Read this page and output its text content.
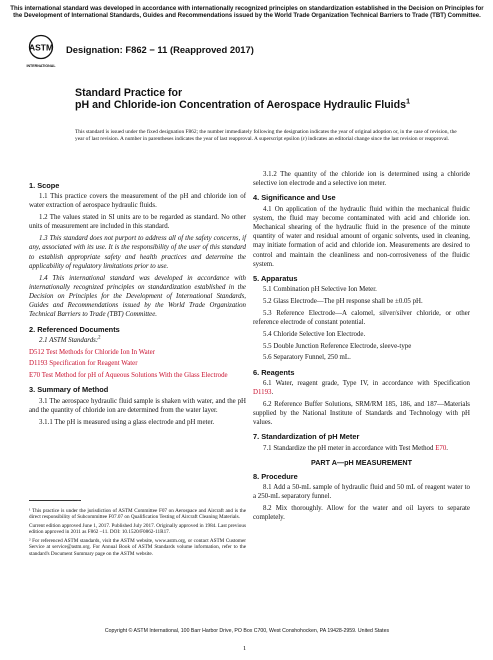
This international standard was developed in accordance with internationally recognized principles on standardization established in the Decision on Principles for the Development of International Standards, Guides and Recommendations issued by the World Trade Organization Technical Barriers to Trade (TBT) Committee.
ASTM
INTERNATIONAL
Designation: F862 − 11 (Reapproved 2017)
Standard Practice for
pH and Chloride-ion Concentration of Aerospace Hydraulic Fluids$^1$
This standard is issued under the fixed designation F862; the number immediately following the designation indicates the year of original adoption or, in the case of revision, the year of last revision. A number in parentheses indicates the year of last reapproval. A superscript epsilon (ε) indicates an editorial change since the last revision or reapproval.

1. Scope

1.1 This practice covers the measurement of the pH and chloride ion of water extraction of aerospace hydraulic fluids.

1.2 The values stated in SI units are to be regarded as standard. No other units of measurement are included in this standard.

1.3 This standard does not purport to address all of the safety concerns, if any, associated with its use. It is the responsibility of the user of this standard to establish appropriate safety and health practices and determine the applicability of regulatory limitations prior to use.

1.4 This international standard was developed in accordance with internationally recognized principles on standardization established in the Decision on Principles for the Development of International Standards, Guides and Recommendations issued by the World Trade Organization Technical Barriers to Trade (TBT) Committee.

2. Referenced Documents

2.1 ASTM Standards:$^2$

D512 Test Methods for Chloride Ion In Water

D1193 Specification for Reagent Water

E70 Test Method for pH of Aqueous Solutions With the Glass Electrode

3. Summary of Method

3.1 The aerospace hydraulic fluid sample is shaken with water, and the pH and the quantity of chloride ion are determined from the water layer.

3.1.1 The pH is measured using a glass electrode and pH meter.

3.1.2 The quantity of the chloride ion is determined using a chloride selective ion electrode and a selective ion meter.

4. Significance and Use

4.1 On application of the hydraulic fluid within the mechanical fluidic system, the fluid may become contaminated with acid and chloride ion. Mechanical shearing of the hydraulic fluid in the presence of the minute quantity of water and residual amount of organic solvents, used in cleaning, may initiate formation of acid and chloride ion. Measurements are desired to control and maintain the cleanliness and non-corrosiveness of the fluidic system.

5. Apparatus

5.1 Combination pH Selective Ion Meter.

5.2 Glass Electrode—The pH response shall be ±0.05 pH.

5.3 Reference Electrode—A calomel, silver/silver chloride, or other reference electrode of constant potential.

5.4 Chloride Selective Ion Electrode.

5.5 Double Junction Reference Electrode, sleeve-type

5.6 Separatory Funnel, 250 mL.

6. Reagents

6.1 Water, reagent grade, Type IV, in accordance with Specification D1193.

6.2 Reference Buffer Solutions, SRM/RM 185, 186, and 187—Materials supplied by the National Institute of Standards and Technology with pH values.

7. Standardization of pH Meter

7.1 Standardize the pH meter in accordance with Test Method E70.

PART A—pH MEASUREMENT

8. Procedure

8.1 Add a 50-mL sample of hydraulic fluid and 50 mL of reagent water to a 250-mL separatory funnel.

8.2 Mix thoroughly. Allow for the water and oil layers to separate completely.

¹ This practice is under the jurisdiction of ASTM Committee F07 on Aerospace and Aircraft and is the direct responsibility of Subcommittee F07.07 on Qualification Testing of Aircraft Cleaning Materials.

Current edition approved June 1, 2017. Published July 2017. Originally approved in 1984. Last previous edition approved in 2011 as F862 –11. DOI: 10.1520/F0862-11R17.

² For referenced ASTM standards, visit the ASTM website, www.astm.org, or contact ASTM Customer Service at service@astm.org. For Annual Book of ASTM Standards volume information, refer to the standard's Document Summary page on the ASTM website.

Copyright © ASTM International, 100 Barr Harbor Drive, PO Box C700, West Conshohocken, PA 19428-2959. United States
1
